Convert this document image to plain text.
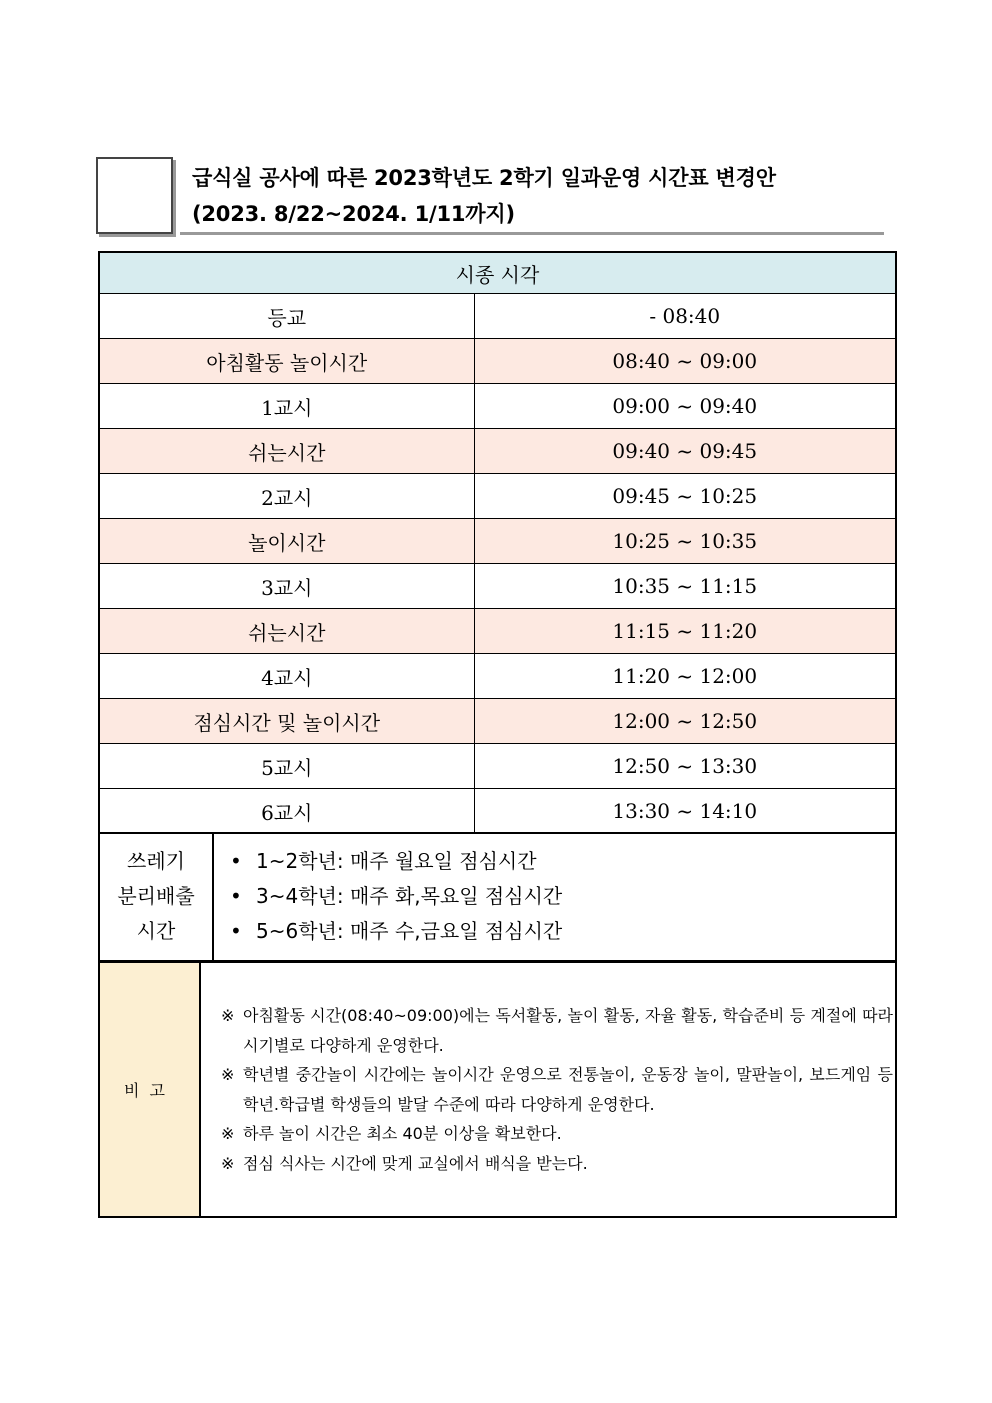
급식실 공사에 따른 2023학년도 2학기 일과운영 시간표 변경안
(2023. 8/22~2024. 1/11까지)
시종 시각	
등교	- 08:40
아침활동 놀이시간	08:40 ~ 09:00
1교시	09:00 ~ 09:40
쉬는시간	09:40 ~ 09:45
2교시	09:45 ~ 10:25
놀이시간	10:25 ~ 10:35
3교시	10:35 ~ 11:15
쉬는시간	11:15 ~ 11:20
4교시	11:20 ~ 12:00
점심시간 및 놀이시간	12:00 ~ 12:50
5교시	12:50 ~ 13:30
6교시	13:30 ~ 14:10
쓰레기
분리배출
시간

• 1~2학년: 매주 월요일 점심시간
• 3~4학년: 매주 화,목요일 점심시간
• 5~6학년: 매주 수,금요일 점심시간
비고	

※ 아침활동 시간(08:40~09:00)에는 독서활동, 놀이 활동, 자율 활동, 학습준비 등 계절에 따라 시기별로 다양하게 운영한다.

※ 학년별 중간놀이 시간에는 놀이시간 운영으로 전통놀이, 운동장 놀이, 말판놀이, 보드게임 등 학년.학급별 학생들의 발달 수준에 따라 다양하게 운영한다.

※ 하루 놀이 시간은 최소 40분 이상을 확보한다.

※ 점심 식사는 시간에 맞게 교실에서 배식을 받는다.
